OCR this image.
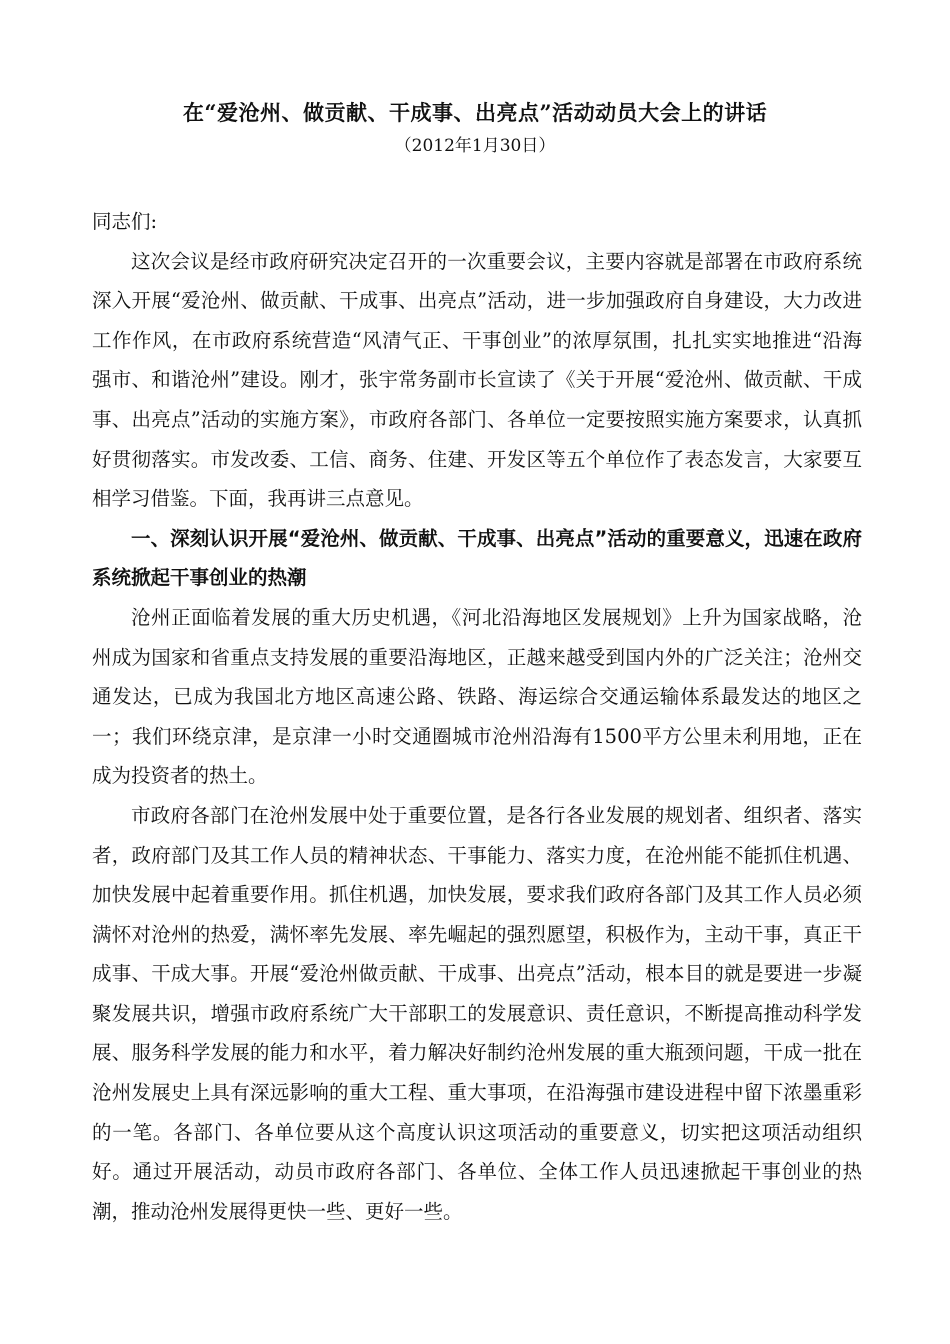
在“爱沧州、做贡献、干成事、出亮点”活动动员大会上的讲话
（2012年1月30日）

同志们:

这次会议是经市政府研究决定召开的一次重要会议，主要内容就是部署在市政府系统深入开展“爱沧州、做贡献、干成事、出亮点”活动，进一步加强政府自身建设，大力改进工作作风，在市政府系统营造“风清气正、干事创业”的浓厚氛围，扎扎实实地推进“沿海强市、和谐沧州”建设。刚才，张宇常务副市长宣读了《关于开展“爱沧州、做贡献、干成事、出亮点”活动的实施方案》，市政府各部门、各单位一定要按照实施方案要求，认真抓好贯彻落实。市发改委、工信、商务、住建、开发区等五个单位作了表态发言，大家要互相学习借鉴。下面，我再讲三点意见。

一、深刻认识开展“爱沧州、做贡献、干成事、出亮点”活动的重要意义，迅速在政府系统掀起干事创业的热潮

沧州正面临着发展的重大历史机遇，《河北沿海地区发展规划》上升为国家战略，沧州成为国家和省重点支持发展的重要沿海地区，正越来越受到国内外的广泛关注；沧州交通发达，已成为我国北方地区高速公路、铁路、海运综合交通运输体系最发达的地区之一；我们环绕京津，是京津一小时交通圈城市沧州沿海有1500平方公里未利用地，正在成为投资者的热土。

市政府各部门在沧州发展中处于重要位置，是各行各业发展的规划者、组织者、落实者，政府部门及其工作人员的精神状态、干事能力、落实力度，在沧州能不能抓住机遇、加快发展中起着重要作用。抓住机遇，加快发展，要求我们政府各部门及其工作人员必须满怀对沧州的热爱，满怀率先发展、率先崛起的强烈愿望，积极作为，主动干事，真正干成事、干成大事。开展“爱沧州做贡献、干成事、出亮点”活动，根本目的就是要进一步凝聚发展共识，增强市政府系统广大干部职工的发展意识、责任意识，不断提高推动科学发展、服务科学发展的能力和水平，着力解决好制约沧州发展的重大瓶颈问题，干成一批在沧州发展史上具有深远影响的重大工程、重大事项，在沿海强市建设进程中留下浓墨重彩的一笔。各部门、各单位要从这个高度认识这项活动的重要意义，切实把这项活动组织好。通过开展活动，动员市政府各部门、各单位、全体工作人员迅速掀起干事创业的热潮，推动沧州发展得更快一些、更好一些。
